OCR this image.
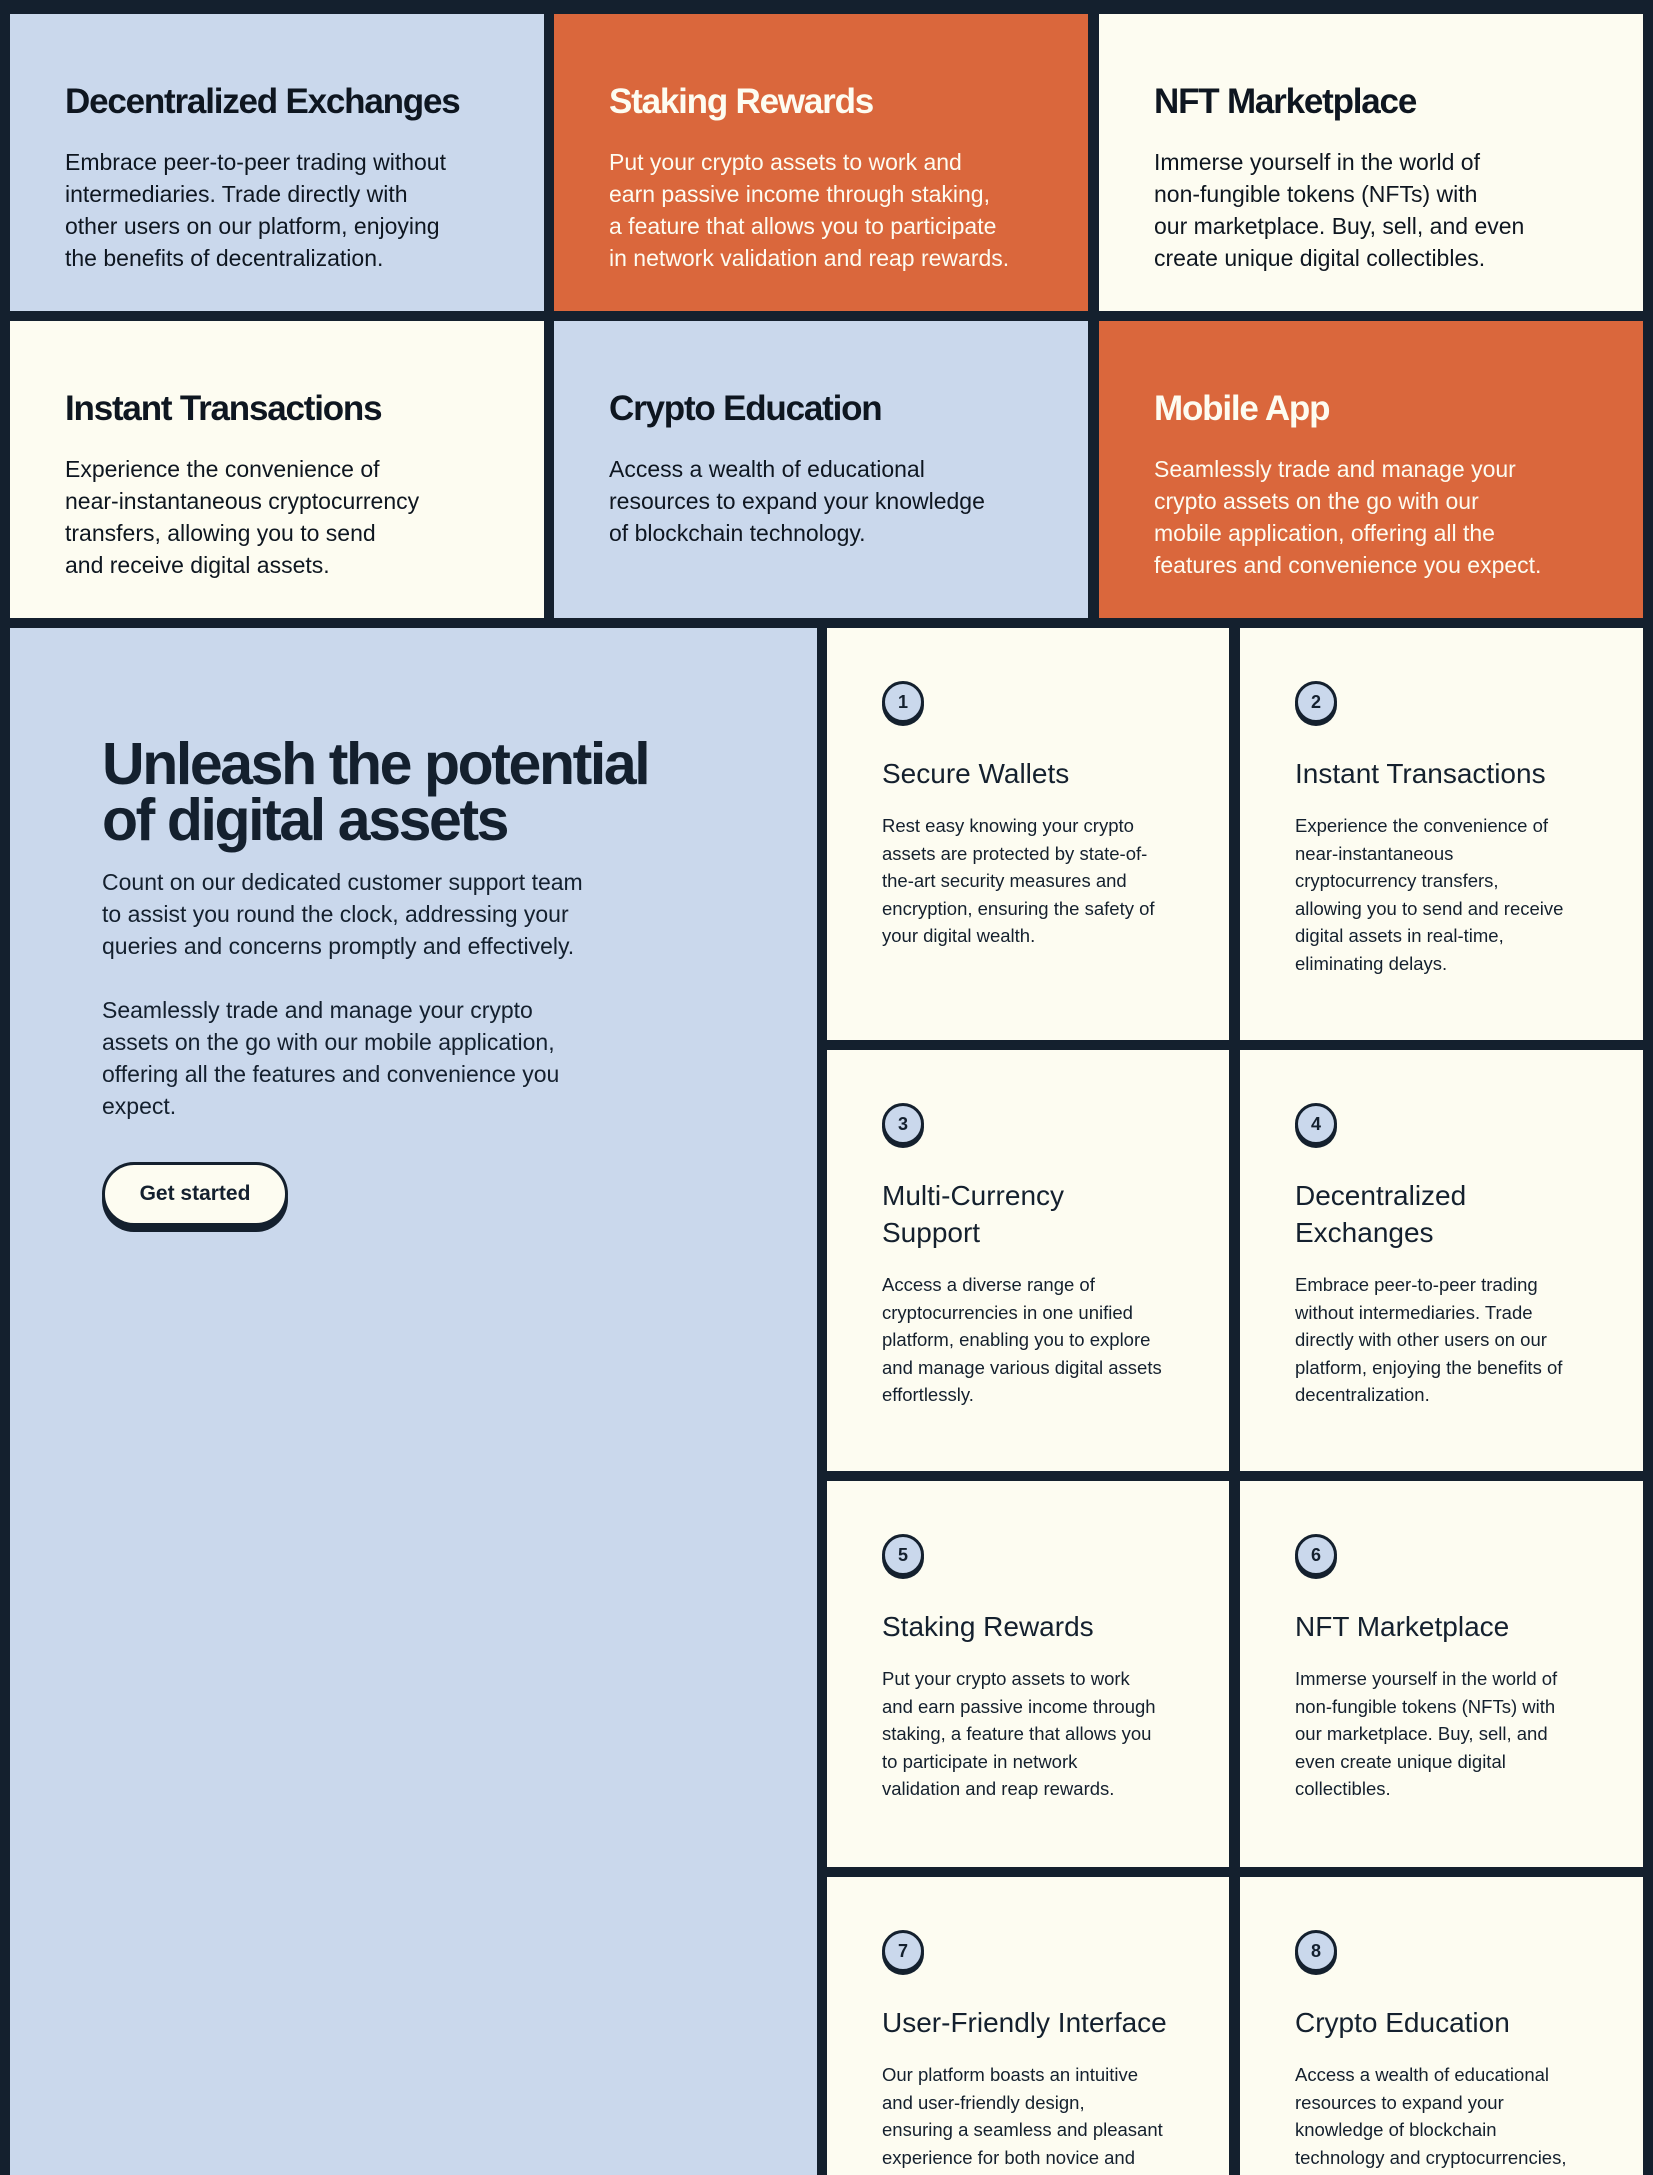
Decentralized Exchanges

Embrace peer-to-peer trading without
intermediaries. Trade directly with
other users on our platform, enjoying
the benefits of decentralization.

Staking Rewards

Put your crypto assets to work and
earn passive income through staking,
a feature that allows you to participate
in network validation and reap rewards.

NFT Marketplace

Immerse yourself in the world of
non-fungible tokens (NFTs) with
our marketplace. Buy, sell, and even
create unique digital collectibles.

Instant Transactions

Experience the convenience of
near-instantaneous cryptocurrency
transfers, allowing you to send
and receive digital assets.

Crypto Education

Access a wealth of educational
resources to expand your knowledge
of blockchain technology.

Mobile App

Seamlessly trade and manage your
crypto assets on the go with our
mobile application, offering all the
features and convenience you expect.

Unleash the potential
of digital assets

Count on our dedicated customer support team
to assist you round the clock, addressing your
queries and concerns promptly and effectively.

Seamlessly trade and manage your crypto
assets on the go with our mobile application,
offering all the features and convenience you
expect.

Get started
1
Secure Wallets

Rest easy knowing your crypto
assets are protected by state-of-
the-art security measures and
encryption, ensuring the safety of
your digital wealth.

2
Instant Transactions

Experience the convenience of
near-instantaneous
cryptocurrency transfers,
allowing you to send and receive
digital assets in real-time,
eliminating delays.

3
Multi-Currency
Support

Access a diverse range of
cryptocurrencies in one unified
platform, enabling you to explore
and manage various digital assets
effortlessly.

4
Decentralized
Exchanges

Embrace peer-to-peer trading
without intermediaries. Trade
directly with other users on our
platform, enjoying the benefits of
decentralization.

5
Staking Rewards

Put your crypto assets to work
and earn passive income through
staking, a feature that allows you
to participate in network
validation and reap rewards.

6
NFT Marketplace

Immerse yourself in the world of
non-fungible tokens (NFTs) with
our marketplace. Buy, sell, and
even create unique digital
collectibles.

7
User-Friendly Interface

Our platform boasts an intuitive
and user-friendly design,
ensuring a seamless and pleasant
experience for both novice and

8
Crypto Education

Access a wealth of educational
resources to expand your
knowledge of blockchain
technology and cryptocurrencies,
